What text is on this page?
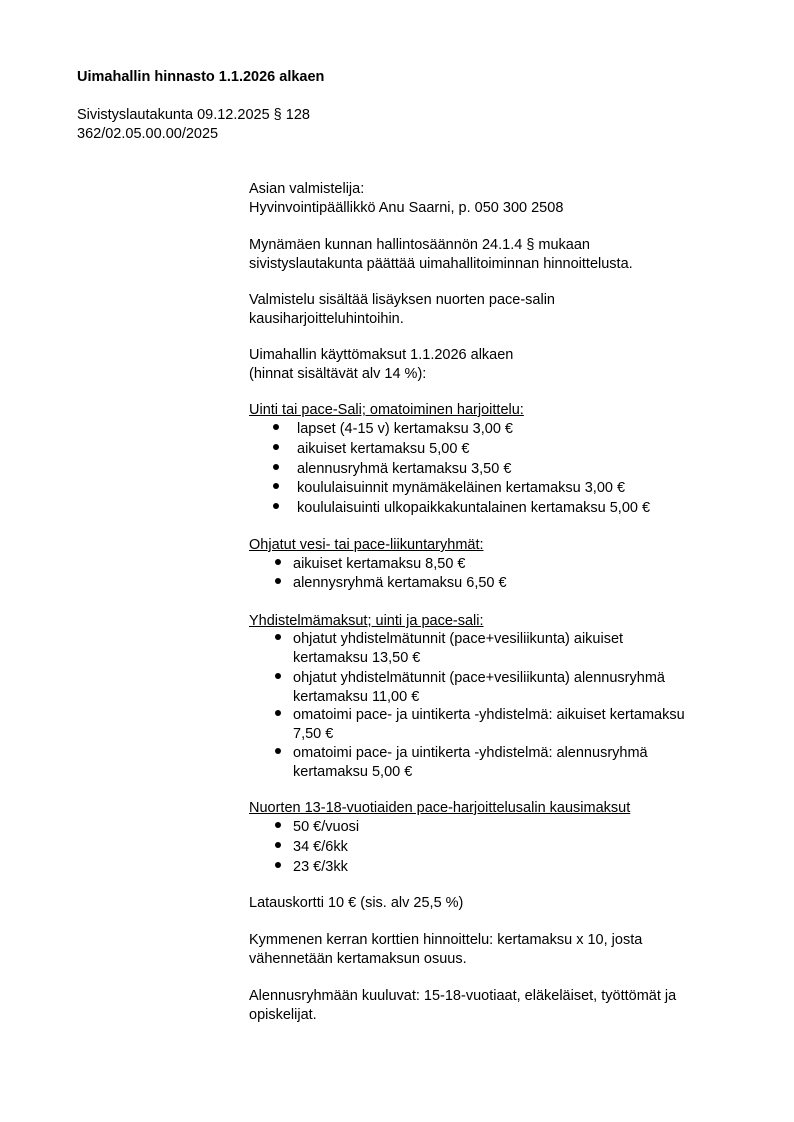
Uimahallin hinnasto 1.1.2026 alkaen
Sivistyslautakunta 09.12.2025 § 128
362/02.05.00.00/2025
Asian valmistelija:
Hyvinvointipäällikkö Anu Saarni, p. 050 300 2508
Mynämäen kunnan hallintosäännön 24.1.4 § mukaan
sivistyslautakunta päättää uimahallitoiminnan hinnoittelusta.
Valmistelu sisältää lisäyksen nuorten pace-salin
kausiharjoitteluhintoihin.
Uimahallin käyttömaksut 1.1.2026 alkaen
(hinnat sisältävät alv 14 %):
Uinti tai pace-Sali; omatoiminen harjoittelu:
lapset (4-15 v) kertamaksu 3,00 €
aikuiset kertamaksu 5,00 €
alennusryhmä kertamaksu 3,50 €
koululaisuinnit mynämäkeläinen kertamaksu 3,00 €
koululaisuinti ulkopaikkakuntalainen kertamaksu 5,00 €
Ohjatut vesi- tai pace-liikuntaryhmät:
aikuiset kertamaksu 8,50 €
alennysryhmä kertamaksu 6,50 €
Yhdistelmämaksut; uinti ja pace-sali:
ohjatut yhdistelmätunnit (pace+vesiliikunta) aikuiset
kertamaksu 13,50 €
ohjatut yhdistelmätunnit (pace+vesiliikunta) alennusryhmä
kertamaksu 11,00 €
omatoimi pace- ja uintikerta -yhdistelmä: aikuiset kertamaksu
7,50 €
omatoimi pace- ja uintikerta -yhdistelmä: alennusryhmä
kertamaksu 5,00 €
Nuorten 13-18-vuotiaiden pace-harjoittelusalin kausimaksut
50 €/vuosi
34 €/6kk
23 €/3kk
Latauskortti 10 € (sis. alv 25,5 %)
Kymmenen kerran korttien hinnoittelu: kertamaksu x 10, josta
vähennetään kertamaksun osuus.
Alennusryhmään kuuluvat: 15-18-vuotiaat, eläkeläiset, työttömät ja
opiskelijat.
